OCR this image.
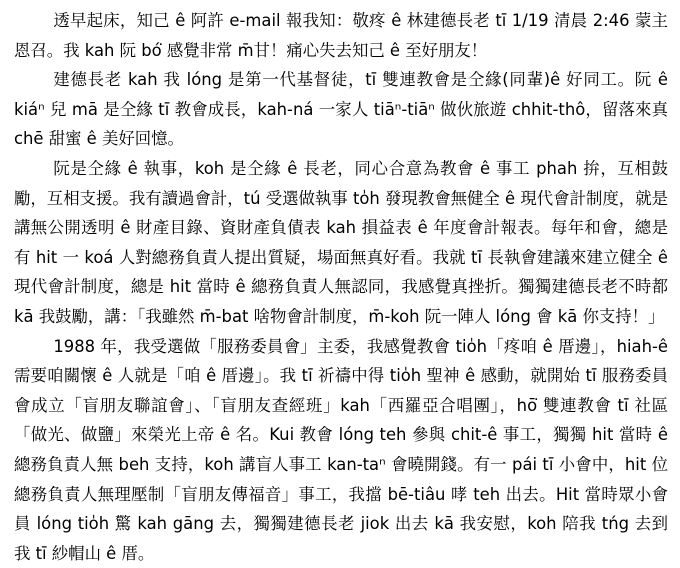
透早起床，知己 ê 阿許 e-mail 報我知：敬疼 ê 林建德長老 tī 1/19 清晨 2:46 蒙主恩召。我 kah 阮 bó͘ 感覺非常 m̄甘！痛心失去知己 ê 至好朋友！

建德長老 kah 我 lóng 是第一代基督徒，tī 雙連教會是仝緣(同輩)ê 好同工。阮 ê kiáⁿ 兒 mā 是仝緣 tī 教會成長，kah-ná 一家人 tiāⁿ-tiāⁿ 做伙旅遊 chhit-thô，留落來真 chē 甜蜜 ê 美好回憶。

阮是仝緣 ê 執事，koh 是仝緣 ê 長老，同心合意為教會 ê 事工 phah 拚，互相鼓勵，互相支援。我有讀過會計，tú 受選做執事 to̍h 發現教會無健全 ê 現代會計制度，就是講無公開透明 ê 財產目錄、資財產負債表 kah 損益表 ê 年度會計報表。每年和會，總是有 hit 一 koá 人對總務負責人提出質疑，場面無真好看。我就 tī 長執會建議來建立健全 ê 現代會計制度，總是 hit 當時 ê 總務負責人無認同，我感覺真挫折。獨獨建德長老不時都 kā 我鼓勵，講：「我雖然 m̄-bat 啥物會計制度，m̄-koh 阮一陣人 lóng 會 kā 你支持！」

1988 年，我受選做「服務委員會」主委，我感覺教會 tio̍h「疼咱 ê 厝邊」，hiah-ê 需要咱關懷 ê 人就是「咱 ê 厝邊」。我 tī 祈禱中得 tio̍h 聖神 ê 感動，就開始 tī 服務委員會成立「盲朋友聯誼會」、「盲朋友查經班」kah「西羅亞合唱團」，hō͘ 雙連教會 tī 社區「做光、做鹽」來榮光上帝 ê 名。Kui 教會 lóng teh 參與 chit-ê 事工，獨獨 hit 當時 ê 總務負責人無 beh 支持，koh 講盲人事工 kan-taⁿ 會曉開錢。有一 pái tī 小會中，hit 位總務負責人無理壓制「盲朋友傳福音」事工，我擋 bē-tiâu 哮 teh 出去。Hit 當時眾小會員 lóng tio̍h 驚 kah gāng 去，獨獨建德長老 jiok 出去 kā 我安慰，koh 陪我 tńg 去到我 tī 紗帽山 ê 厝。
